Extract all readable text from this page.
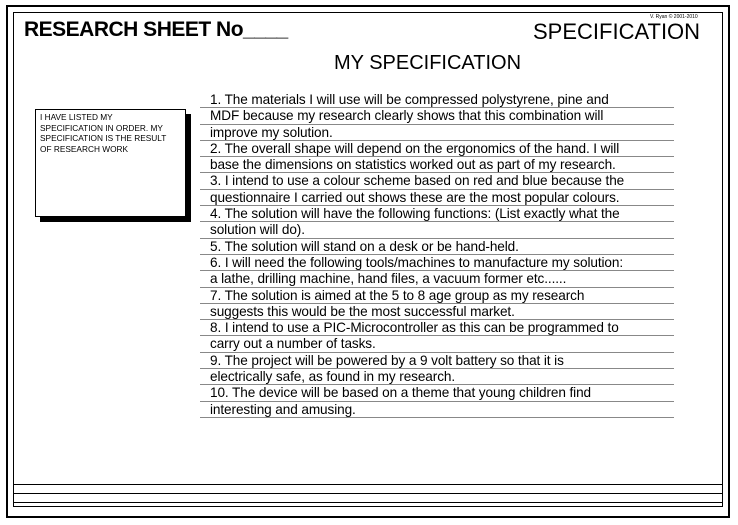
V. Ryan © 2001-2010
RESEARCH SHEET No____	SPECIFICATION
MY SPECIFICATION
I HAVE LISTED MY
SPECIFICATION IN ORDER. MY
SPECIFICATION IS THE RESULT
OF RESEARCH WORK
1. The materials I will use will be compressed polystyrene, pine and
MDF because my research clearly shows that this combination will
improve my solution.
2. The overall shape will depend on the ergonomics of the hand. I will
base the dimensions on statistics worked out as part of my research.
3. I intend to use a colour scheme based on red and blue because the
questionnaire I carried out shows these are the most popular colours.
4. The solution will have the following functions: (List exactly what the
solution will do).
5. The solution will stand on a desk or be hand-held.
6. I will need the following tools/machines to manufacture my solution:
a lathe, drilling machine, hand files, a vacuum former etc......
7. The solution is aimed at the 5 to 8 age group as my research
suggests this would be the most successful market.
8. I intend to use a PIC-Microcontroller as this can be programmed to
carry out a number of tasks.
9. The project will be powered by a 9 volt battery so that it is
electrically safe, as found in my research.
10. The device will be based on a theme that young children find
interesting and amusing.
